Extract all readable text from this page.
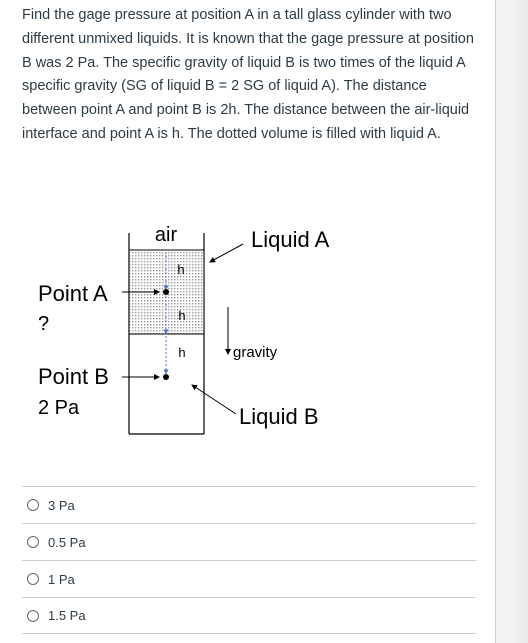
Find the gage pressure at position A in a tall glass cylinder with two different unmixed liquids. It is known that the gage pressure at position B was 2 Pa. The specific gravity of liquid B is two times of the liquid A specific gravity (SG of liquid B = 2 SG of liquid A). The distance between point A and point B is 2h. The distance between the air-liquid interface and point A is h. The dotted volume is filled with liquid A.

air
h
h
h
Point A
?
Point B
2 Pa
Liquid A
gravity
Liquid B
3 Pa
0.5 Pa
1 Pa
1.5 Pa
